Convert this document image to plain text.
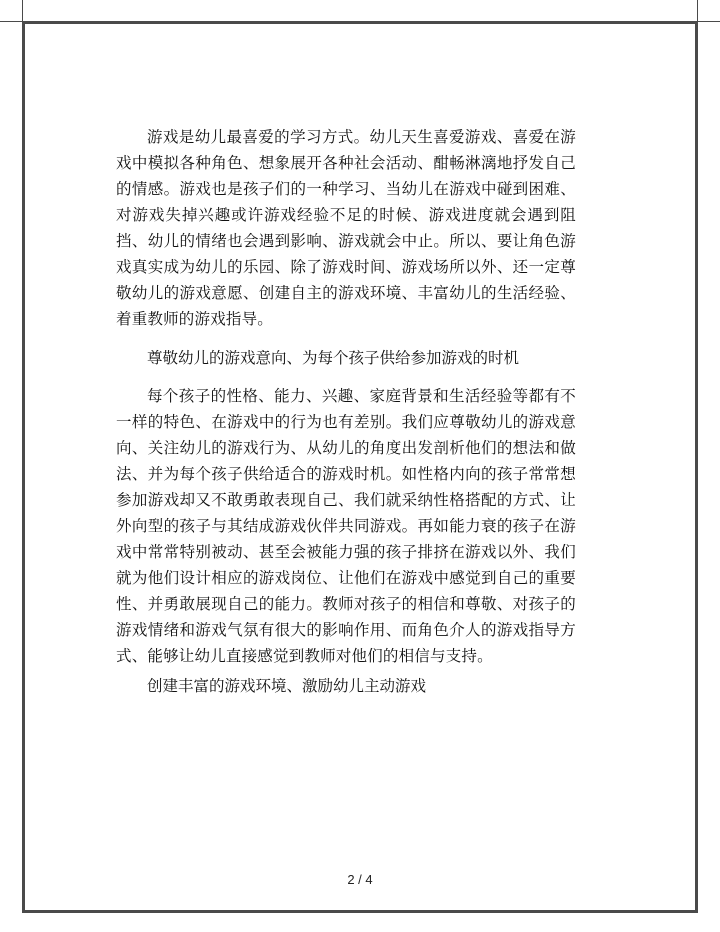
游戏是幼儿最喜爱的学习方式。幼儿天生喜爱游戏、喜爱在游戏中模拟各种角色、想象展开各种社会活动、酣畅淋漓地抒发自己的情感。游戏也是孩子们的一种学习、当幼儿在游戏中碰到困难、对游戏失掉兴趣或许游戏经验不足的时候、游戏进度就会遇到阻挡、幼儿的情绪也会遇到影响、游戏就会中止。所以、要让角色游戏真实成为幼儿的乐园、除了游戏时间、游戏场所以外、还一定尊敬幼儿的游戏意愿、创建自主的游戏环境、丰富幼儿的生活经验、着重教师的游戏指导。

尊敬幼儿的游戏意向、为每个孩子供给参加游戏的时机

每个孩子的性格、能力、兴趣、家庭背景和生活经验等都有不一样的特色、在游戏中的行为也有差别。我们应尊敬幼儿的游戏意向、关注幼儿的游戏行为、从幼儿的角度出发剖析他们的想法和做法、并为每个孩子供给适合的游戏时机。如性格内向的孩子常常想参加游戏却又不敢勇敢表现自己、我们就采纳性格搭配的方式、让外向型的孩子与其结成游戏伙伴共同游戏。再如能力衰的孩子在游戏中常常特别被动、甚至会被能力强的孩子排挤在游戏以外、我们就为他们设计相应的游戏岗位、让他们在游戏中感觉到自己的重要性、并勇敢展现自己的能力。教师对孩子的相信和尊敬、对孩子的游戏情绪和游戏气氛有很大的影响作用、而角色介人的游戏指导方式、能够让幼儿直接感觉到教师对他们的相信与支持。

创建丰富的游戏环境、激励幼儿主动游戏

2 / 4
